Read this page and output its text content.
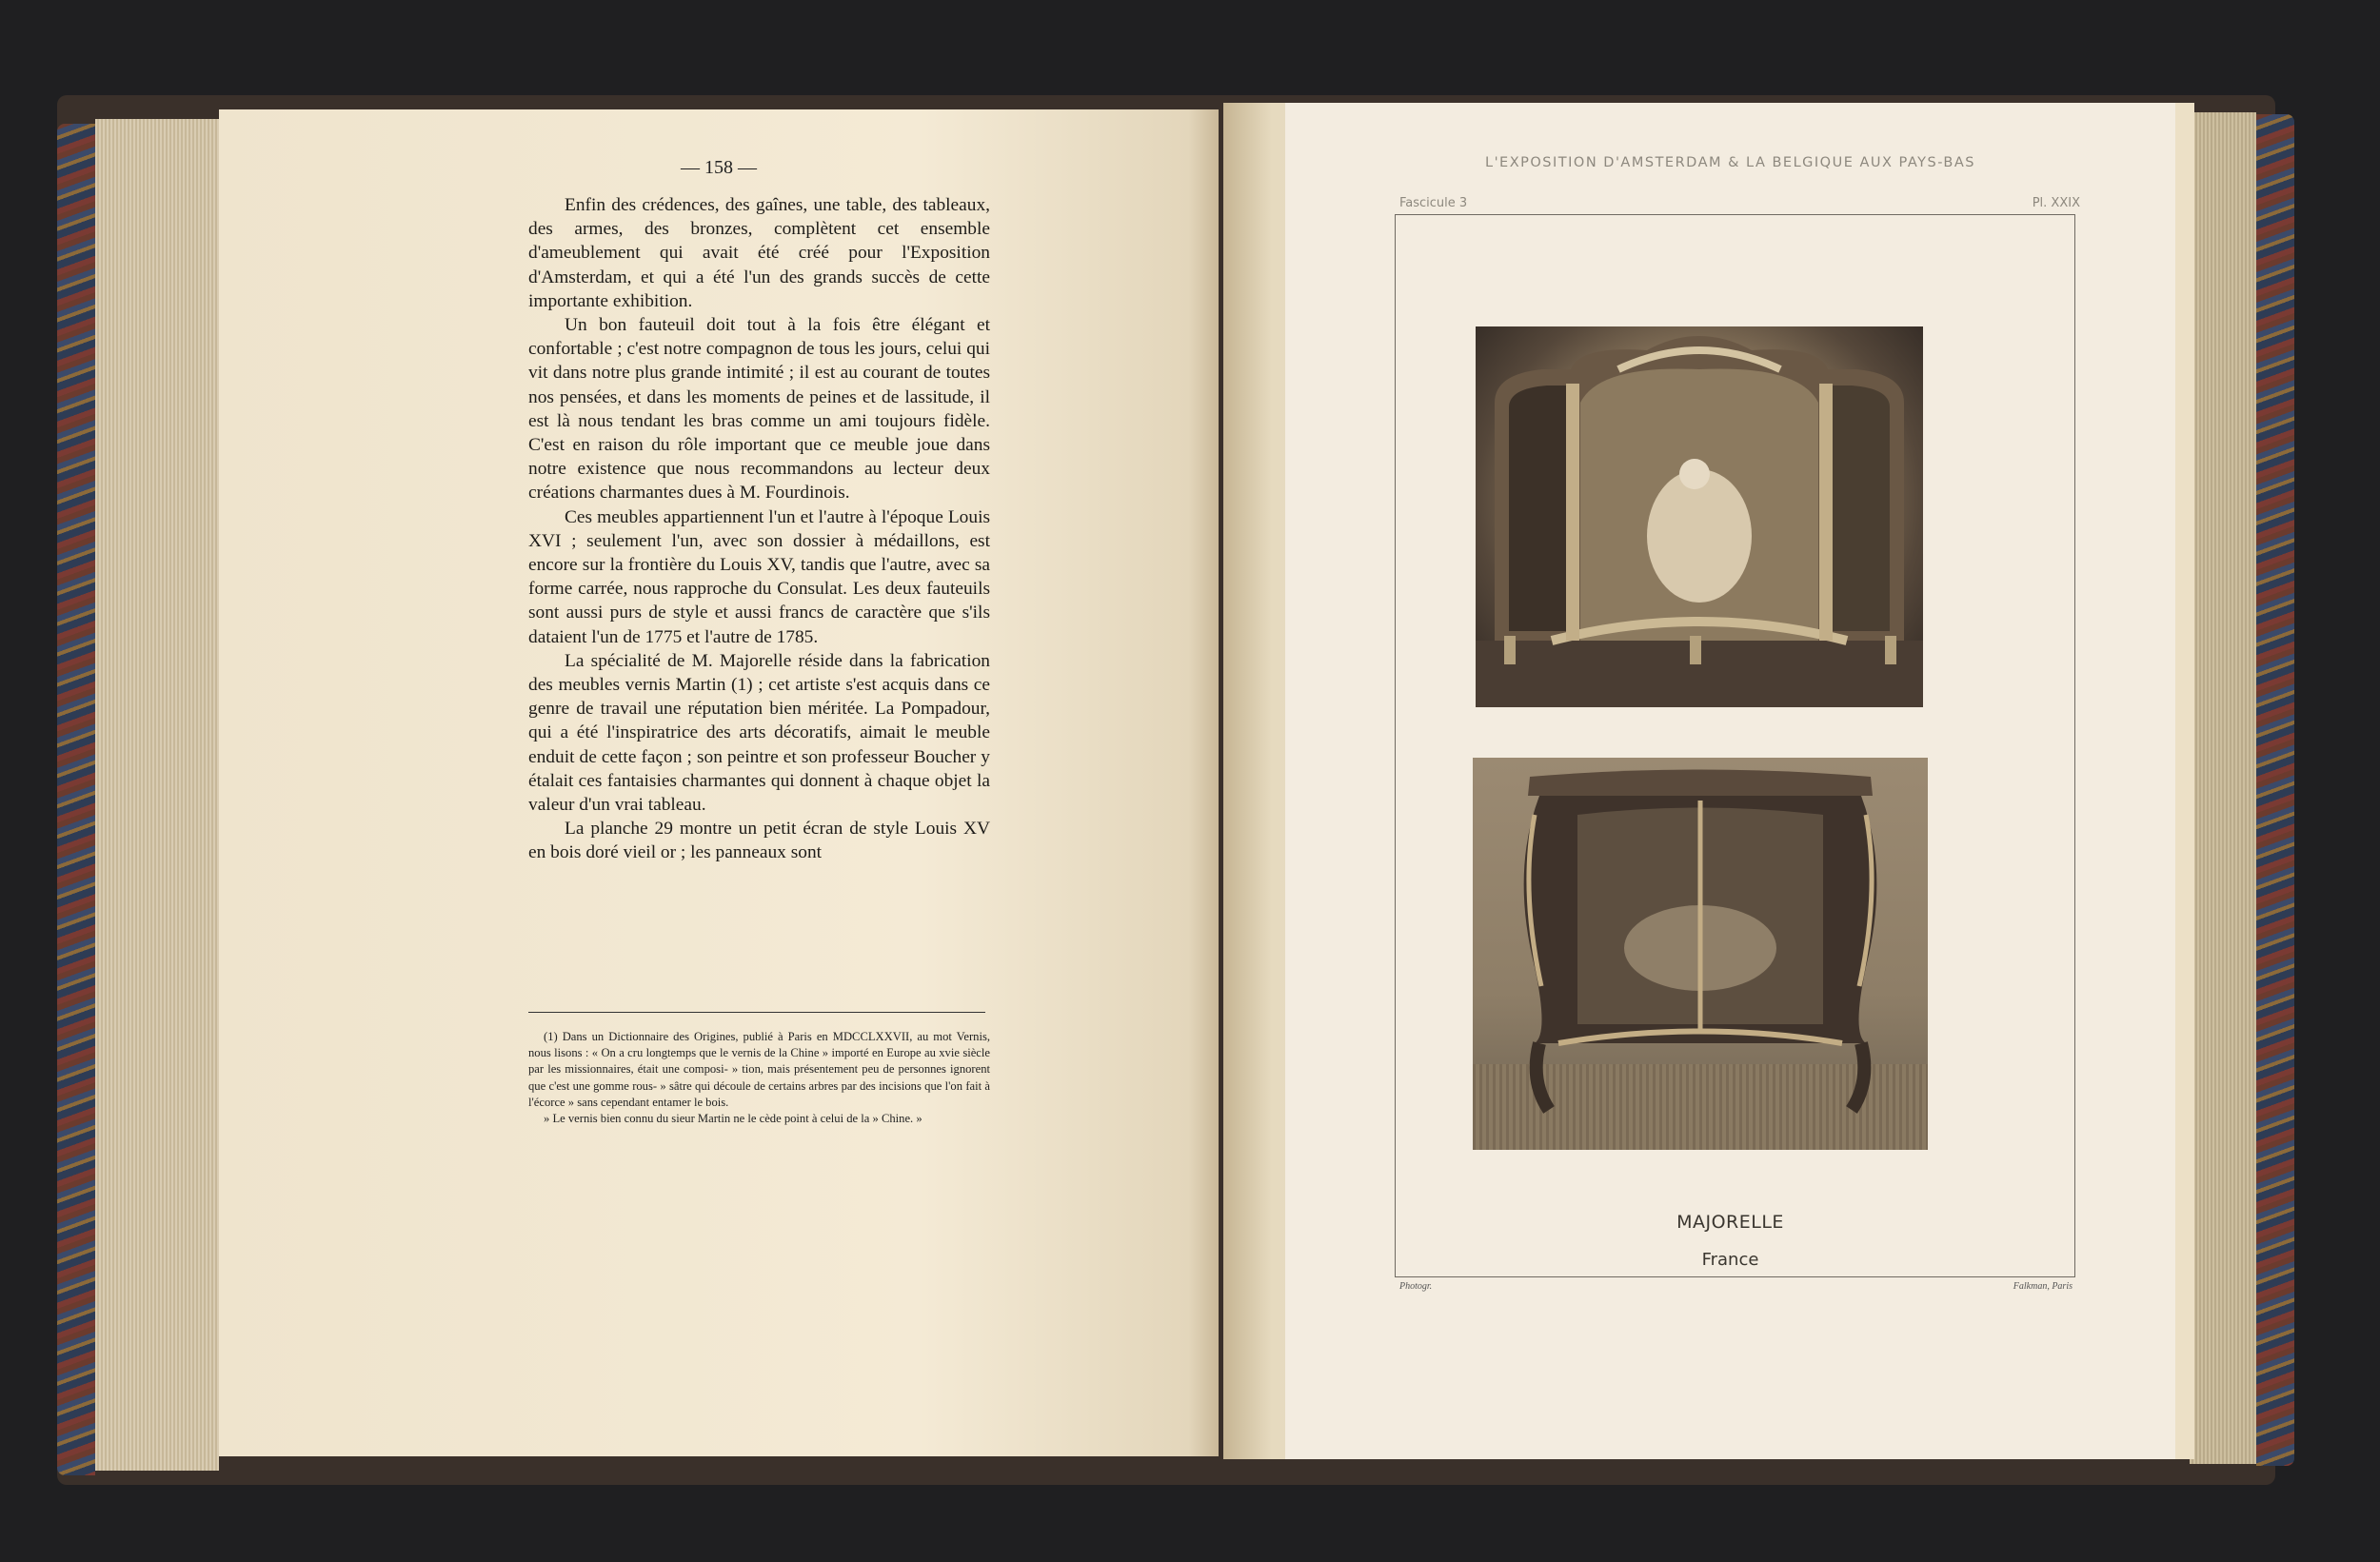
— 158 —

Enfin des crédences, des gaînes, une table, des tableaux, des armes, des bronzes, complètent cet ensemble d'ameublement qui avait été créé pour l'Exposition d'Amsterdam, et qui a été l'un des grands succès de cette importante exhibition.

Un bon fauteuil doit tout à la fois être élégant et confortable ; c'est notre compagnon de tous les jours, celui qui vit dans notre plus grande intimité ; il est au courant de toutes nos pensées, et dans les moments de peines et de lassitude, il est là nous tendant les bras comme un ami toujours fidèle. C'est en raison du rôle important que ce meuble joue dans notre existence que nous recommandons au lecteur deux créations charmantes dues à M. Fourdinois.

Ces meubles appartiennent l'un et l'autre à l'époque Louis XVI ; seulement l'un, avec son dossier à médaillons, est encore sur la frontière du Louis XV, tandis que l'autre, avec sa forme carrée, nous rapproche du Consulat. Les deux fauteuils sont aussi purs de style et aussi francs de caractère que s'ils dataient l'un de 1775 et l'autre de 1785.

La spécialité de M. Majorelle réside dans la fabrication des meubles vernis Martin (1) ; cet artiste s'est acquis dans ce genre de travail une réputation bien méritée. La Pompadour, qui a été l'inspiratrice des arts décoratifs, aimait le meuble enduit de cette façon ; son peintre et son professeur Boucher y étalait ces fantaisies charmantes qui donnent à chaque objet la valeur d'un vrai tableau.

La planche 29 montre un petit écran de style Louis XV en bois doré vieil or ; les panneaux sont

(1) Dans un Dictionnaire des Origines, publié à Paris en MDCCLXXVII, au mot Vernis, nous lisons : « On a cru longtemps que le vernis de la Chine » importé en Europe au xvie siècle par les missionnaires, était une composi- » tion, mais présentement peu de personnes ignorent que c'est une gomme rous- » sâtre qui découle de certains arbres par des incisions que l'on fait à l'écorce » sans cependant entamer le bois.

» Le vernis bien connu du sieur Martin ne le cède point à celui de la » Chine. »

L'EXPOSITION D'AMSTERDAM & LA BELGIQUE AUX PAYS-BAS
Fascicule 3	Pl. XXIX
MAJORELLE
France
Photogr.	Falkman, Paris
